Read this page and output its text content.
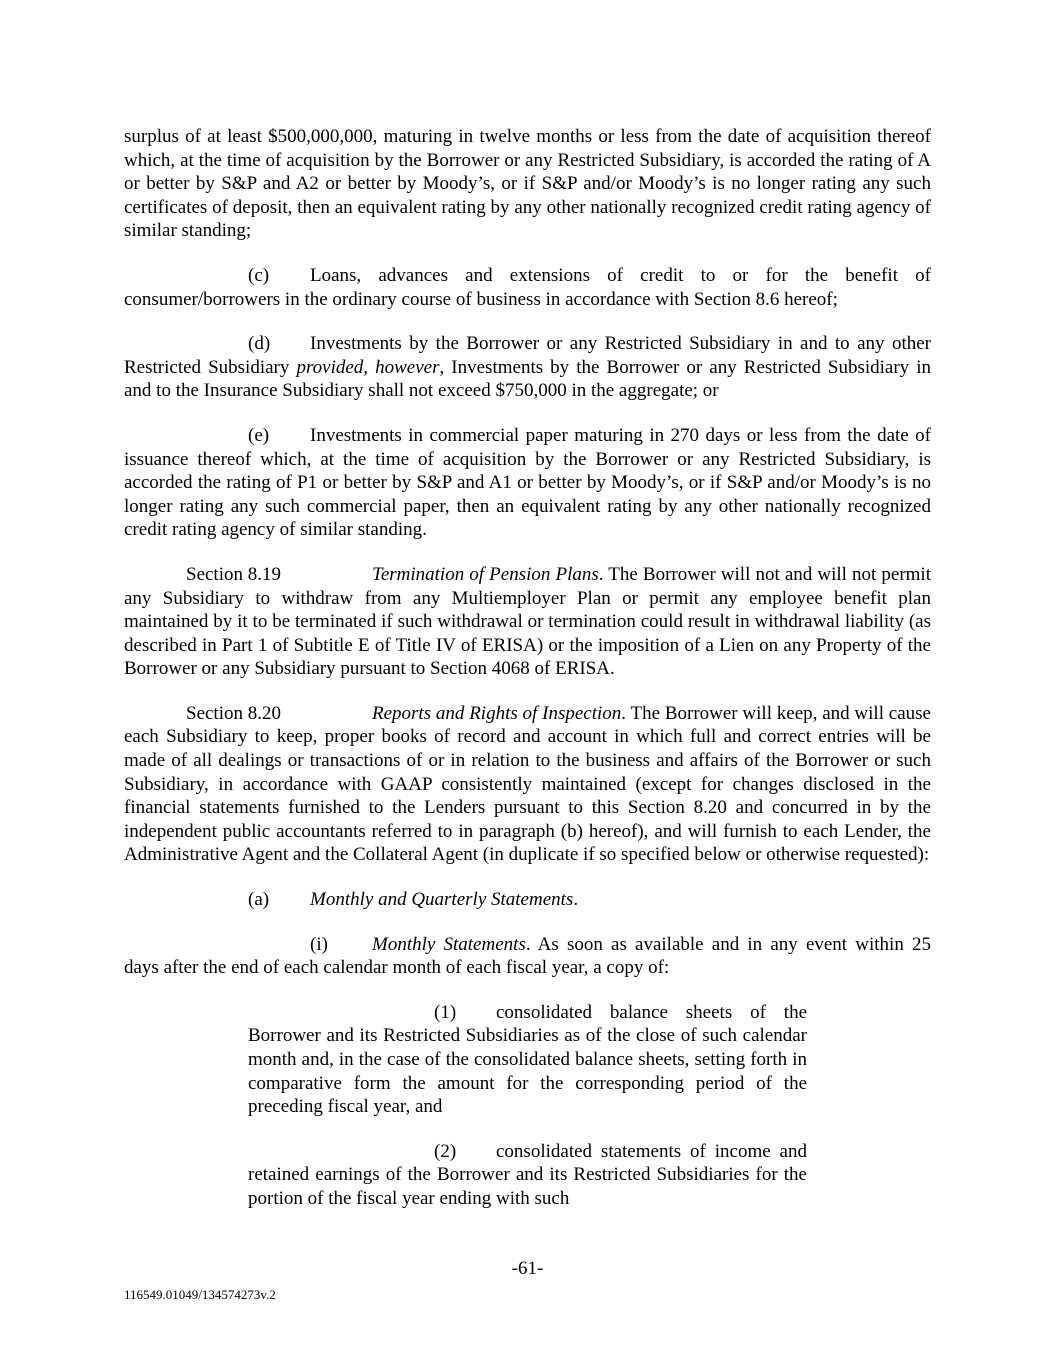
surplus of at least $500,000,000, maturing in twelve months or less from the date of acquisition thereof which, at the time of acquisition by the Borrower or any Restricted Subsidiary, is accorded the rating of A or better by S&P and A2 or better by Moody’s, or if S&P and/or Moody’s is no longer rating any such certificates of deposit, then an equivalent rating by any other nationally recognized credit rating agency of similar standing;

(c) Loans, advances and extensions of credit to or for the benefit of consumer/borrowers in the ordinary course of business in accordance with Section 8.6 hereof;

(d) Investments by the Borrower or any Restricted Subsidiary in and to any other Restricted Subsidiary provided, however, Investments by the Borrower or any Restricted Subsidiary in and to the Insurance Subsidiary shall not exceed $750,000 in the aggregate; or

(e) Investments in commercial paper maturing in 270 days or less from the date of issuance thereof which, at the time of acquisition by the Borrower or any Restricted Subsidiary, is accorded the rating of P1 or better by S&P and A1 or better by Moody’s, or if S&P and/or Moody’s is no longer rating any such commercial paper, then an equivalent rating by any other nationally recognized credit rating agency of similar standing.

Section 8.19	Termination of Pension Plans. The Borrower will not and will not permit any Subsidiary to withdraw from any Multiemployer Plan or permit any employee benefit plan maintained by it to be terminated if such withdrawal or termination could result in withdrawal liability (as described in Part 1 of Subtitle E of Title IV of ERISA) or the imposition of a Lien on any Property of the Borrower or any Subsidiary pursuant to Section 4068 of ERISA.

Section 8.20	Reports and Rights of Inspection. The Borrower will keep, and will cause each Subsidiary to keep, proper books of record and account in which full and correct entries will be made of all dealings or transactions of or in relation to the business and affairs of the Borrower or such Subsidiary, in accordance with GAAP consistently maintained (except for changes disclosed in the financial statements furnished to the Lenders pursuant to this Section 8.20 and concurred in by the independent public accountants referred to in paragraph (b) hereof), and will furnish to each Lender, the Administrative Agent and the Collateral Agent (in duplicate if so specified below or otherwise requested):

(a) Monthly and Quarterly Statements.

(i) Monthly Statements. As soon as available and in any event within 25 days after the end of each calendar month of each fiscal year, a copy of:

(1) consolidated balance sheets of the Borrower and its Restricted Subsidiaries as of the close of such calendar month and, in the case of the consolidated balance sheets, setting forth in comparative form the amount for the corresponding period of the preceding fiscal year, and

(2) consolidated statements of income and retained earnings of the Borrower and its Restricted Subsidiaries for the portion of the fiscal year ending with such

-61-
116549.01049/134574273v.2
